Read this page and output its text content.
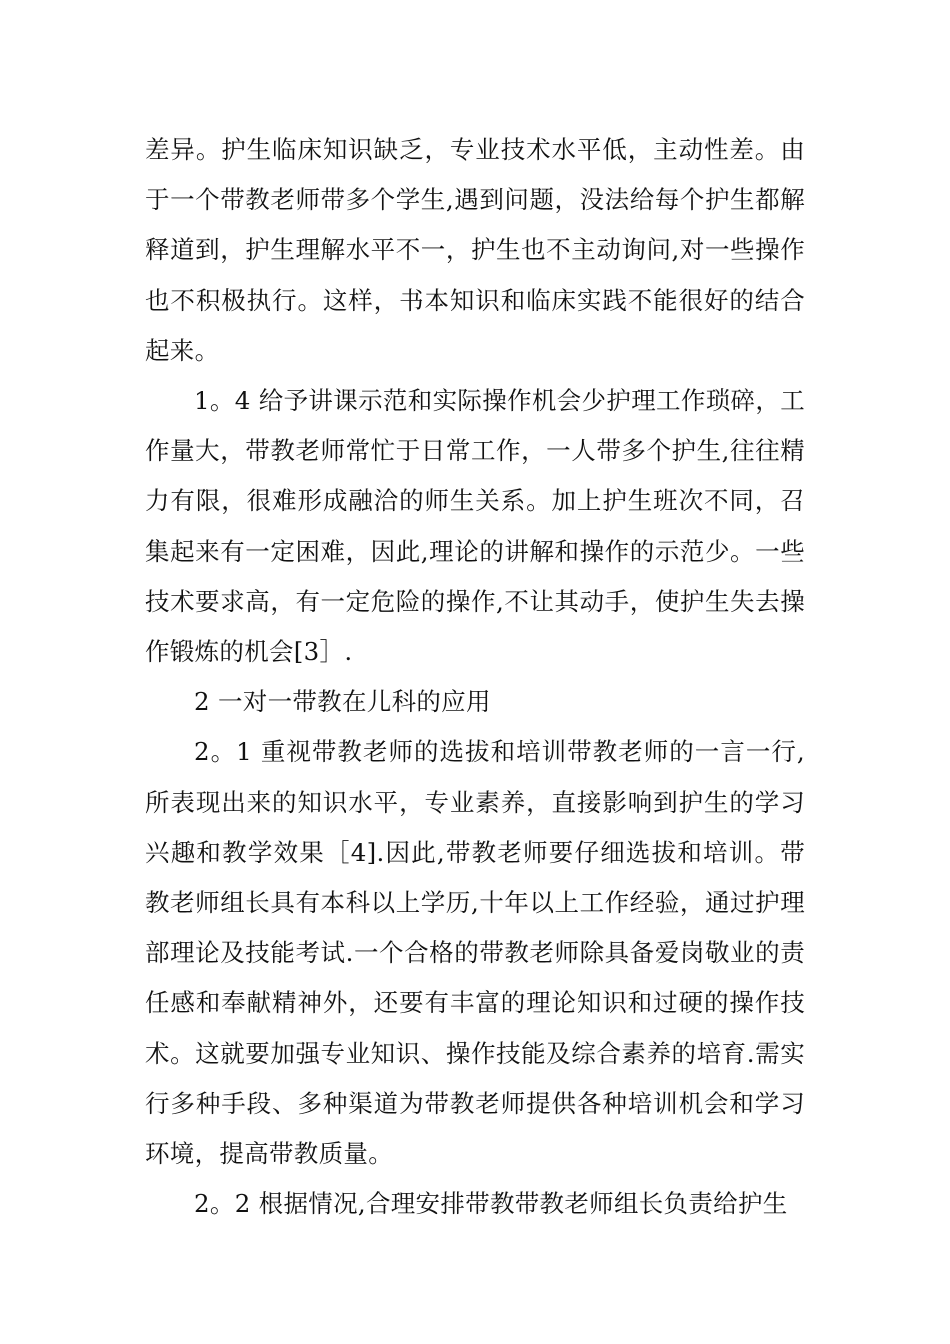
差异。护生临床知识缺乏，专业技术水平低，主动性差。由于一个带教老师带多个学生,遇到问题，没法给每个护生都解释道到，护生理解水平不一，护生也不主动询问,对一些操作也不积极执行。这样，书本知识和临床实践不能很好的结合起来。

1。4 给予讲课示范和实际操作机会少护理工作琐碎，工作量大，带教老师常忙于日常工作，一人带多个护生,往往精力有限，很难形成融洽的师生关系。加上护生班次不同，召集起来有一定困难，因此,理论的讲解和操作的示范少。一些技术要求高，有一定危险的操作,不让其动手，使护生失去操作锻炼的机会[3］.

2 一对一带教在儿科的应用

2。1 重视带教老师的选拔和培训带教老师的一言一行,所表现出来的知识水平，专业素养，直接影响到护生的学习兴趣和教学效果［4].因此,带教老师要仔细选拔和培训。带教老师组长具有本科以上学历,十年以上工作经验，通过护理部理论及技能考试.一个合格的带教老师除具备爱岗敬业的责任感和奉献精神外，还要有丰富的理论知识和过硬的操作技术。这就要加强专业知识、操作技能及综合素养的培育.需实行多种手段、多种渠道为带教老师提供各种培训机会和学习环境，提高带教质量。

2。2 根据情况,合理安排带教带教老师组长负责给护生
